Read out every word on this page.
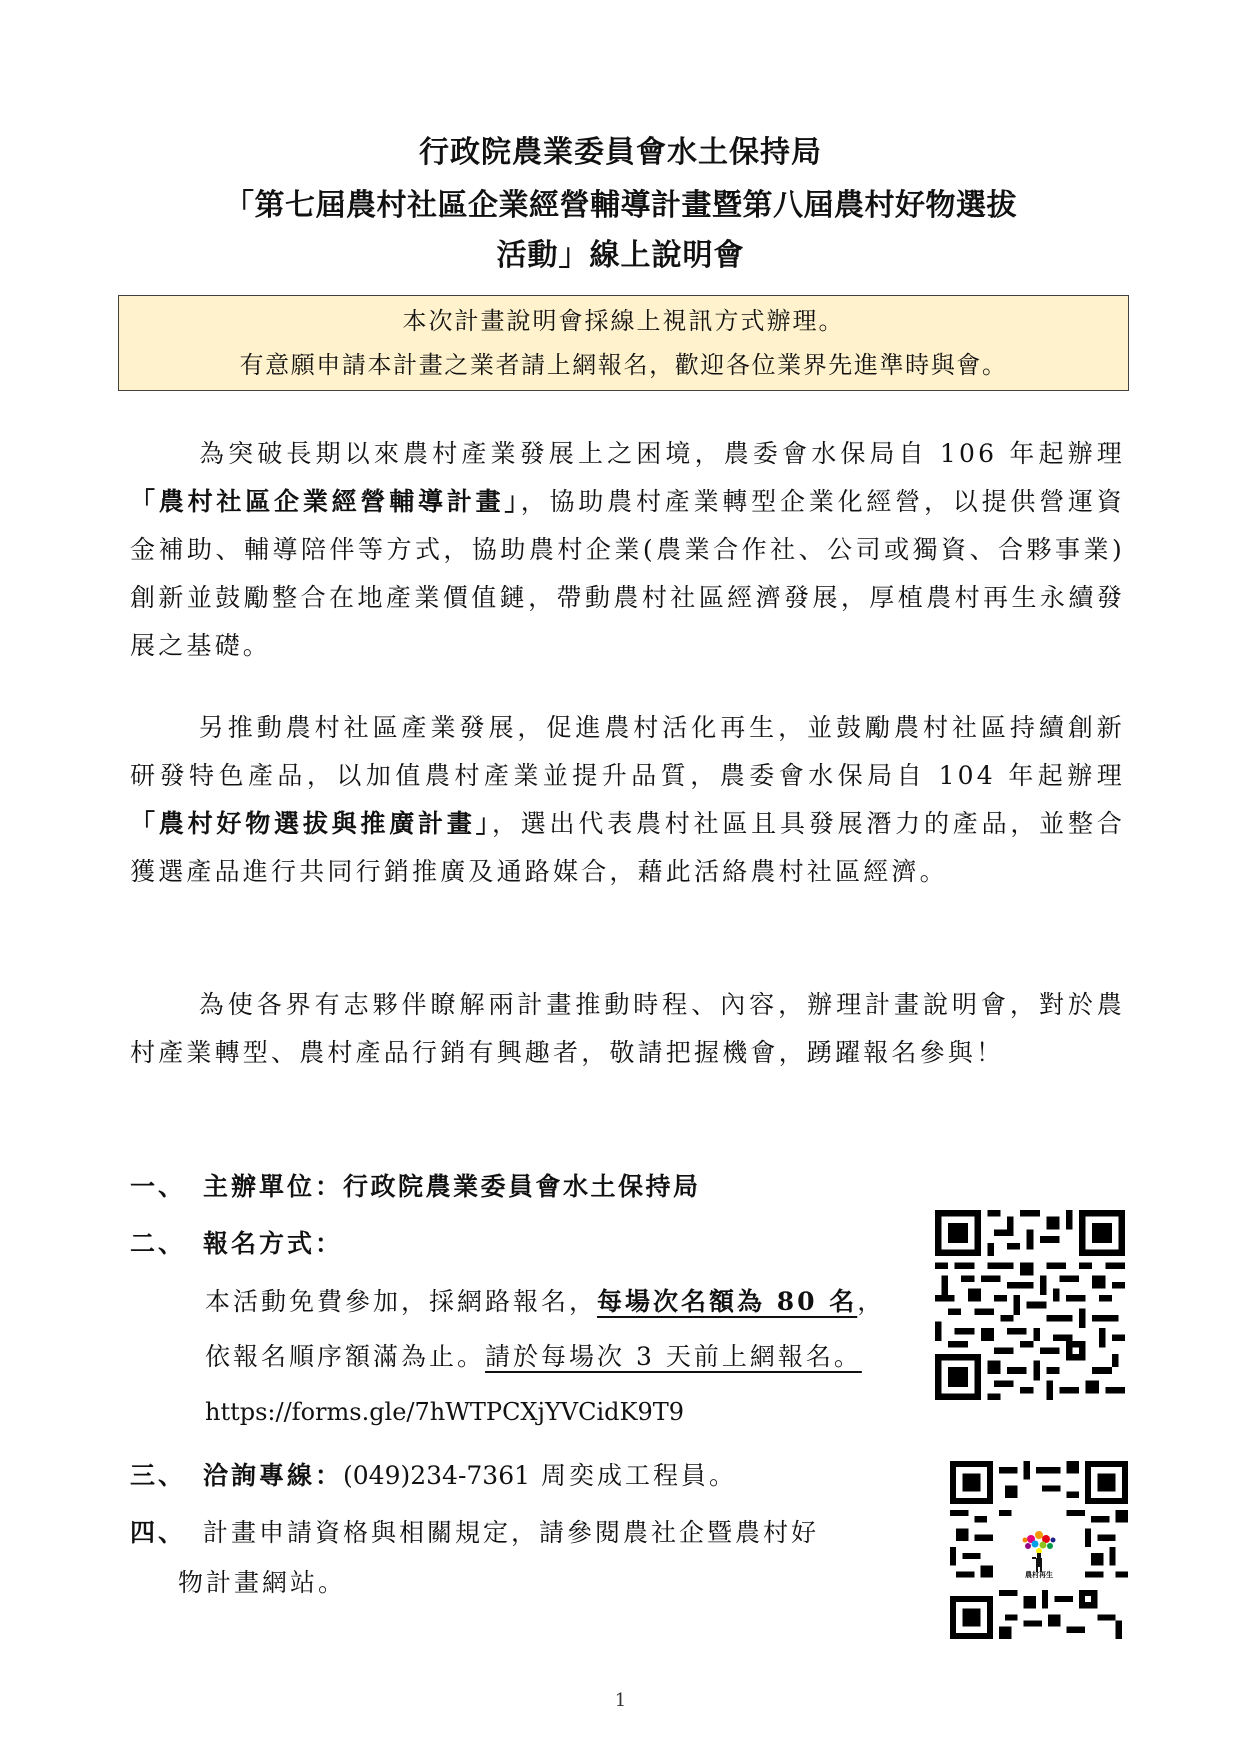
行政院農業委員會水土保持局
「第七屆農村社區企業經營輔導計畫暨第八屆農村好物選拔
活動」線上說明會
本次計畫說明會採線上視訊方式辦理。
有意願申請本計畫之業者請上網報名，歡迎各位業界先進準時與會。
為突破長期以來農村產業發展上之困境，農委會水保局自 106 年起辦理「農村社區企業經營輔導計畫」，協助農村產業轉型企業化經營，以提供營運資金補助、輔導陪伴等方式，協助農村企業(農業合作社、公司或獨資、合夥事業)創新並鼓勵整合在地產業價值鏈，帶動農村社區經濟發展，厚植農村再生永續發展之基礎。
另推動農村社區產業發展，促進農村活化再生，並鼓勵農村社區持續創新研發特色產品，以加值農村產業並提升品質，農委會水保局自 104 年起辦理「農村好物選拔與推廣計畫」，選出代表農村社區且具發展潛力的產品，並整合獲選產品進行共同行銷推廣及通路媒合，藉此活絡農村社區經濟。
為使各界有志夥伴瞭解兩計畫推動時程、內容，辦理計畫說明會，對於農村產業轉型、農村產品行銷有興趣者，敬請把握機會，踴躍報名參與！
一、 主辦單位：行政院農業委員會水土保持局
二、 報名方式：
本活動免費參加，採網路報名，每場次名額為 80 名，依報名順序額滿為止。請於每場次 3 天前上網報名。https://forms.gle/7hWTPCXjYVCidK9T9
三、 洽詢專線：(049)234-7361 周奕成工程員。
四、 計畫申請資格與相關規定，請參閱農社企暨農村好
物計畫網站。	農村再生
1
